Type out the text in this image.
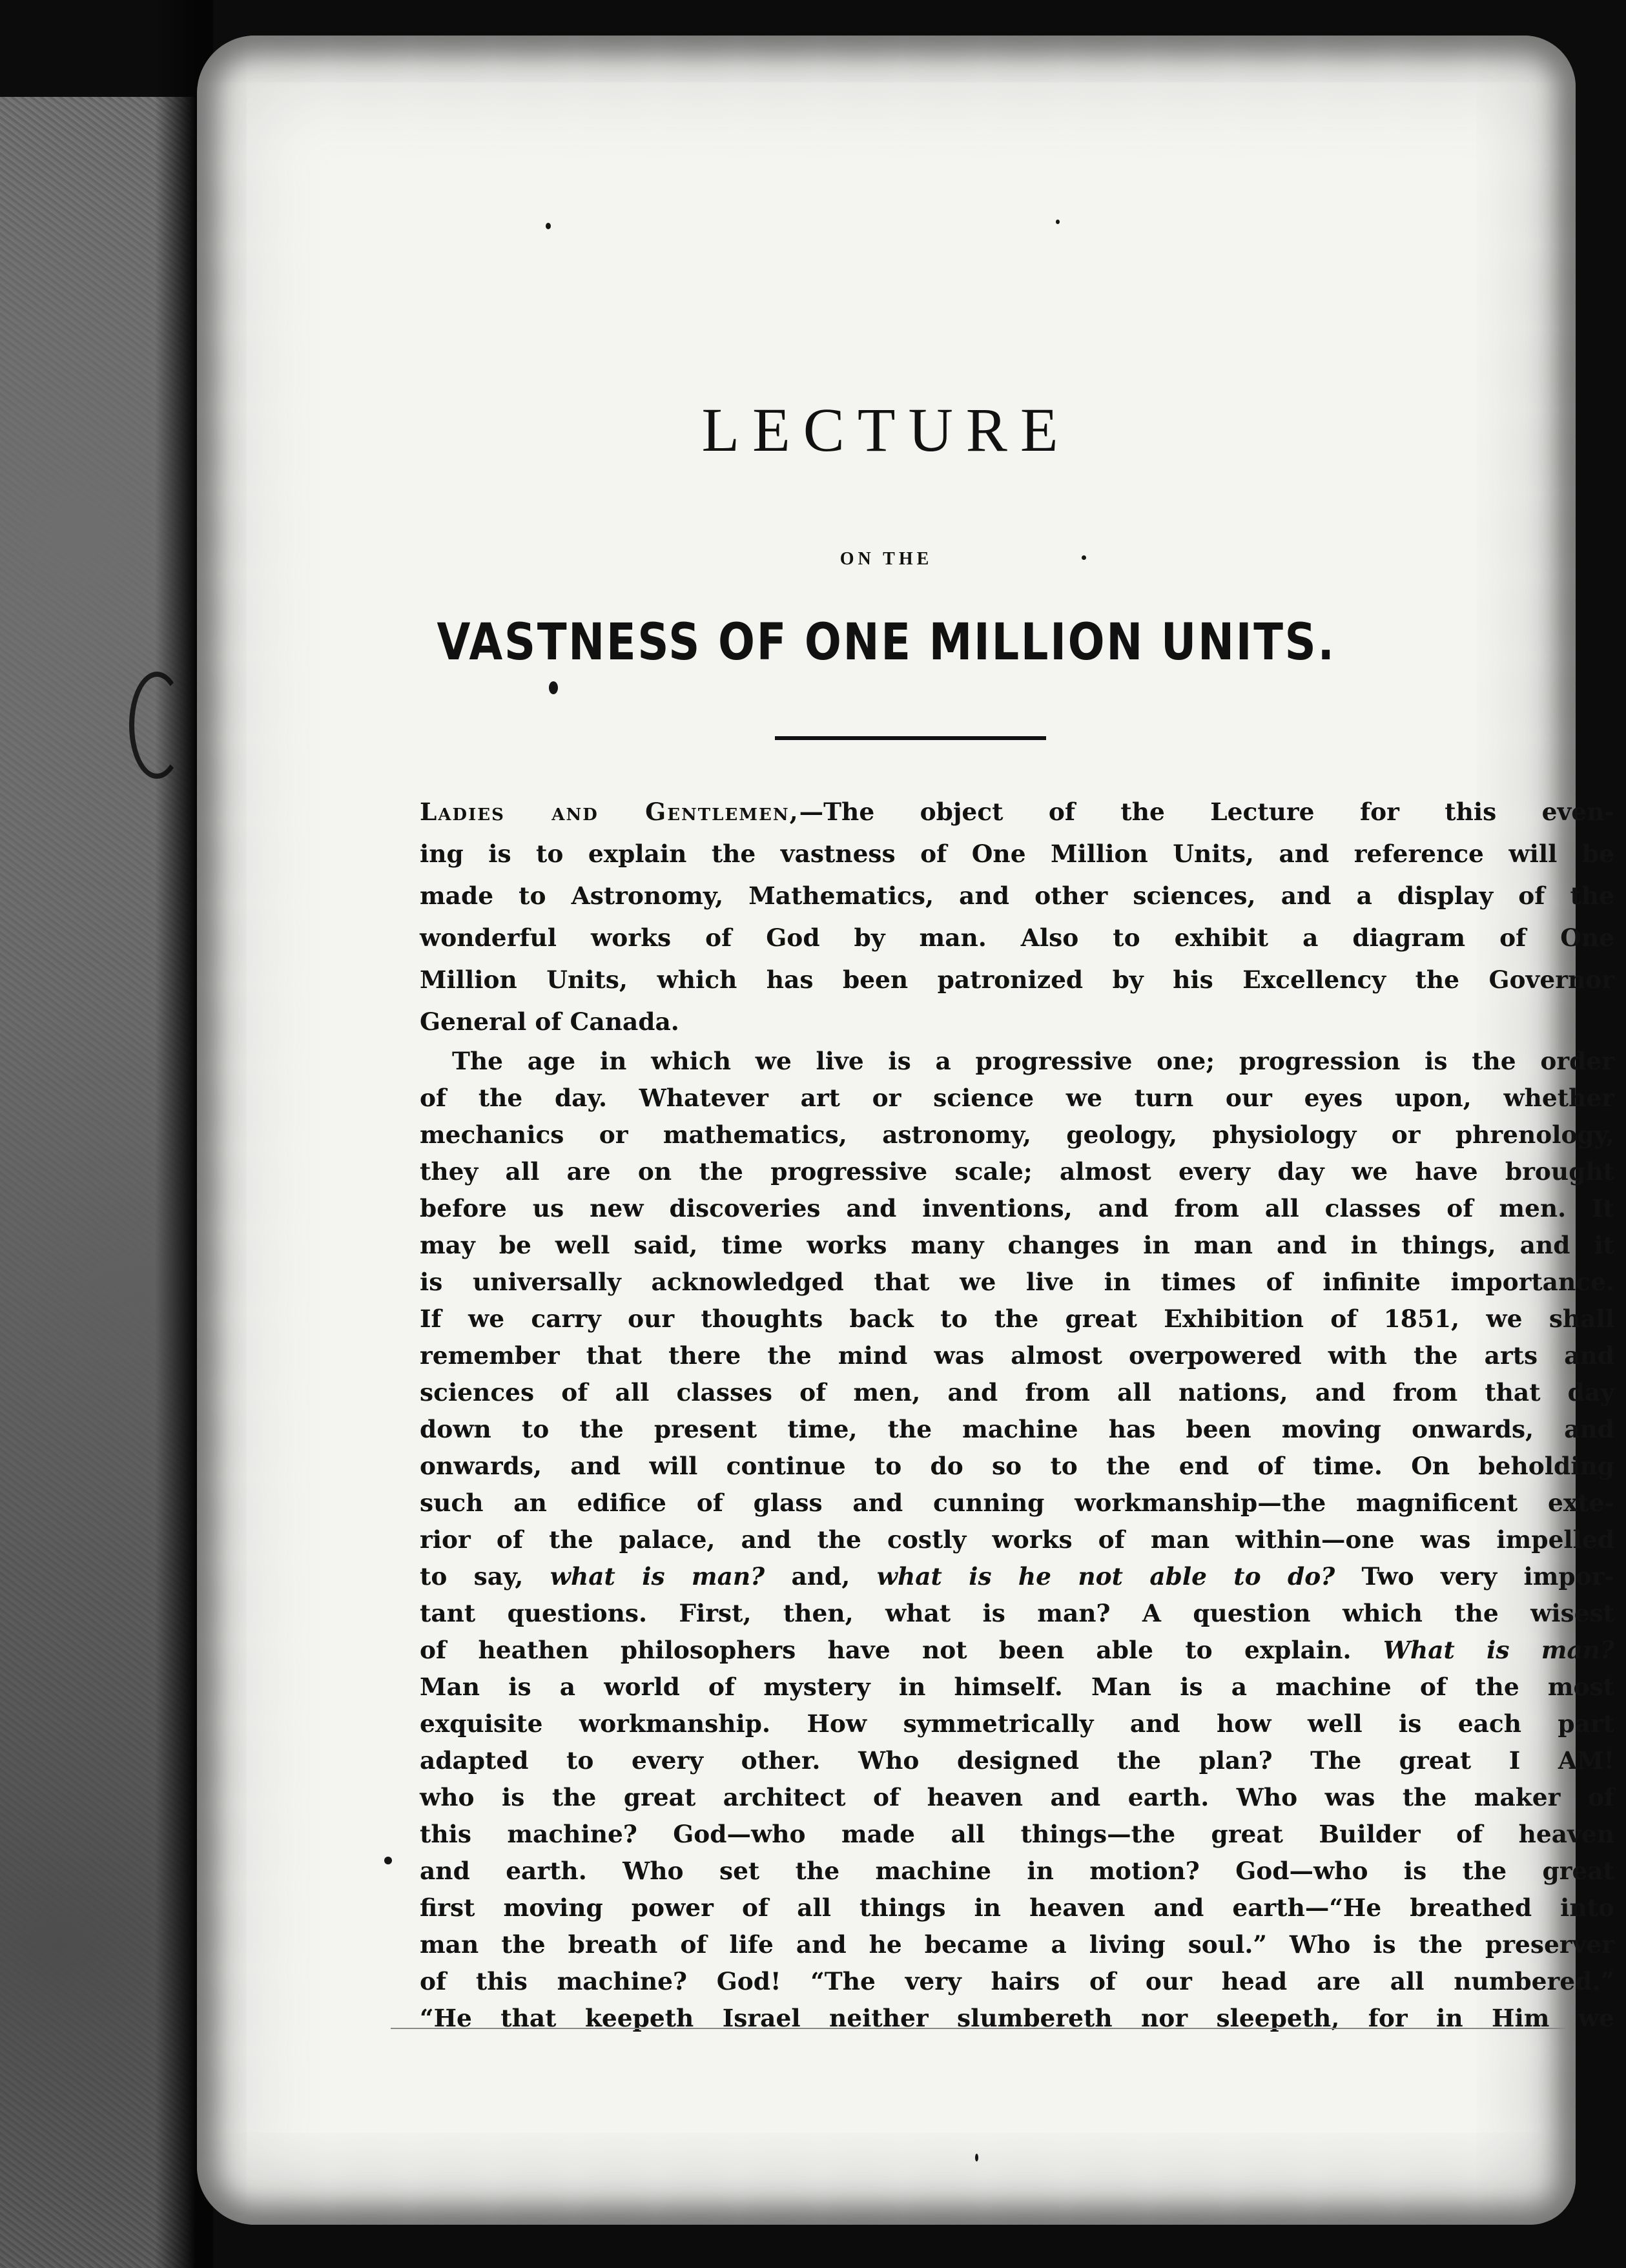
LECTURE
ON THE
VASTNESS OF ONE MILLION UNITS.

Ladies and Gentlemen,—The object of the Lecture for this even-
ing is to explain the vastness of One Million Units, and reference will be
made to Astronomy, Mathematics, and other sciences, and a display of the
wonderful works of God by man. Also to exhibit a diagram of One
Million Units, which has been patronized by his Excellency the Governor
General of Canada.

The age in which we live is a progressive one; progression is the order
of the day. Whatever art or science we turn our eyes upon, whether
mechanics or mathematics, astronomy, geology, physiology or phrenology,
they all are on the progressive scale; almost every day we have brought
before us new discoveries and inventions, and from all classes of men. It
may be well said, time works many changes in man and in things, and it
is universally acknowledged that we live in times of infinite importance.
If we carry our thoughts back to the great Exhibition of 1851, we shall
remember that there the mind was almost overpowered with the arts and
sciences of all classes of men, and from all nations, and from that day
down to the present time, the machine has been moving onwards, and
onwards, and will continue to do so to the end of time. On beholding
such an edifice of glass and cunning workmanship—the magnificent exte-
rior of the palace, and the costly works of man within—one was impelled
to say, what is man? and, what is he not able to do? Two very impor-
tant questions. First, then, what is man? A question which the wisest
of heathen philosophers have not been able to explain. What is man?
Man is a world of mystery in himself. Man is a machine of the most
exquisite workmanship. How symmetrically and how well is each part
adapted to every other. Who designed the plan? The great I AM!
who is the great architect of heaven and earth. Who was the maker of
this machine? God—who made all things—the great Builder of heaven
and earth. Who set the machine in motion? God—who is the great
first moving power of all things in heaven and earth—“He breathed into
man the breath of life and he became a living soul.” Who is the preserver
of this machine? God! “The very hairs of our head are all numbered.”
“He that keepeth Israel neither slumbereth nor sleepeth, for in Him we
